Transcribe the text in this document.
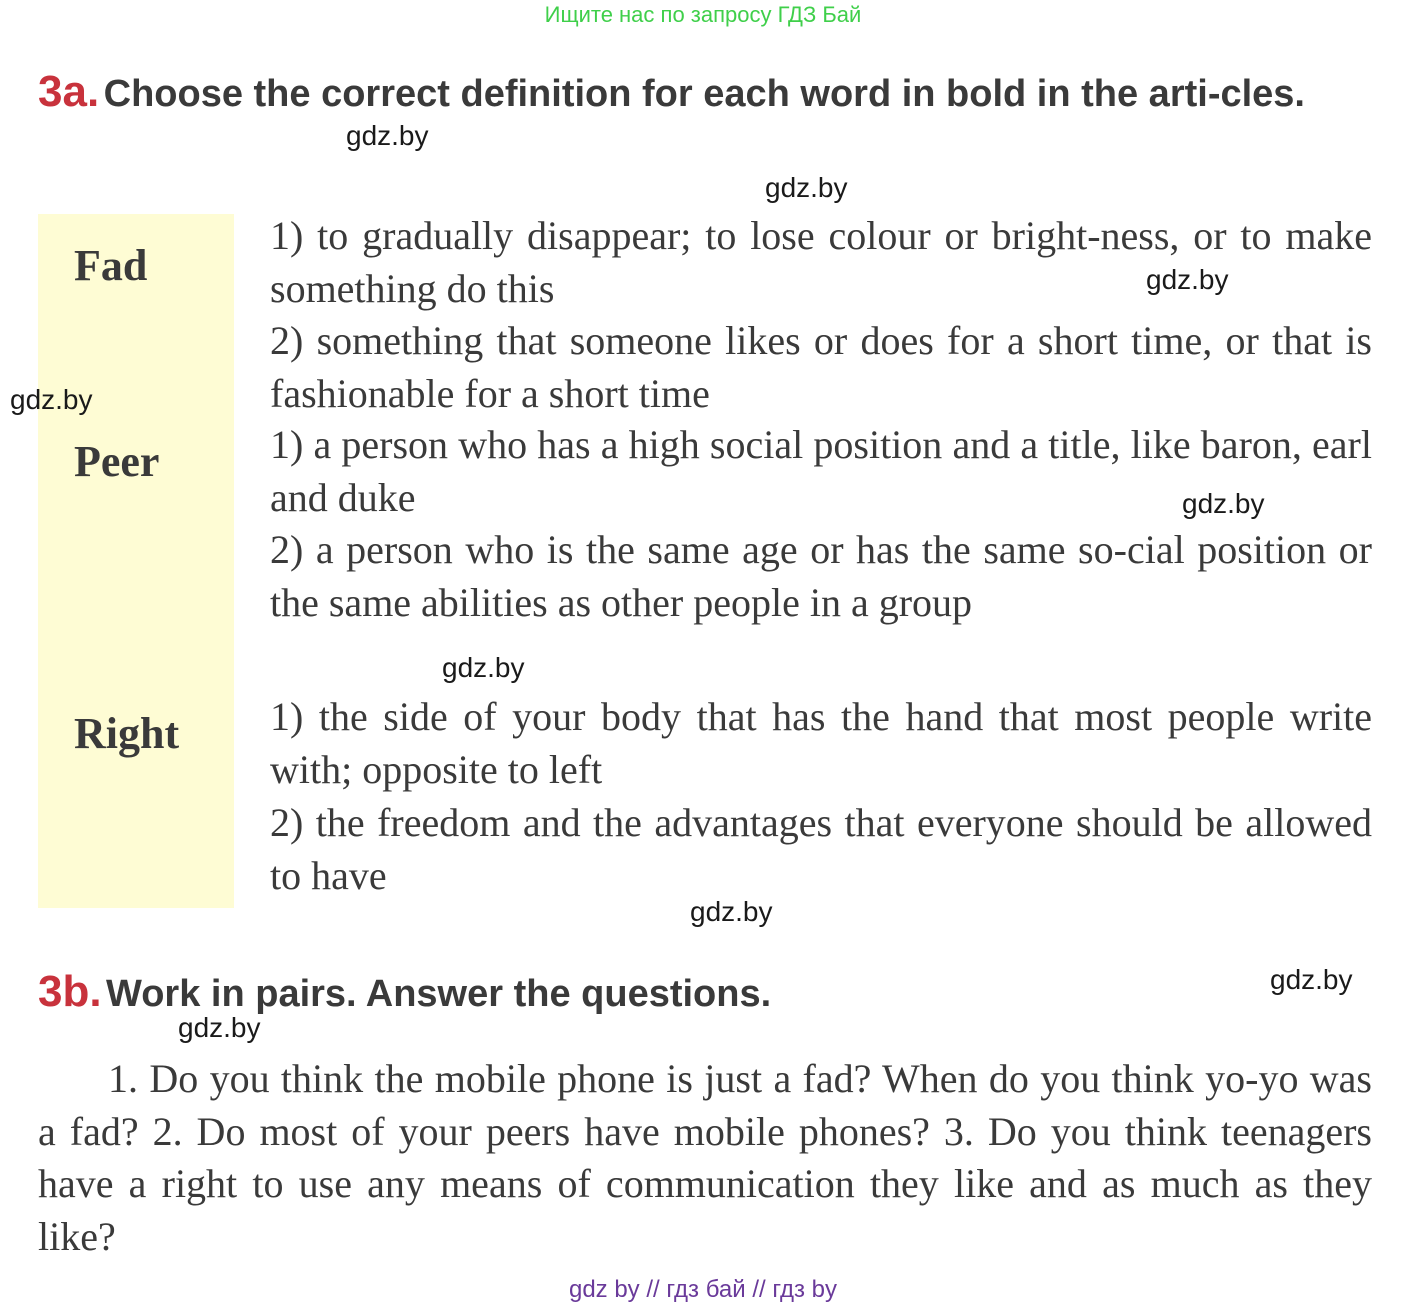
Ищите нас по запросу ГДЗ Бай
3a. Choose the correct definition for each word in bold in the arti-cles.
Fad
Peer
Right
1) to gradually disappear; to lose colour or bright-ness, or to make something do this
2) something that someone likes or does for a short time, or that is fashionable for a short time
1) a person who has a high social position and a title, like baron, earl and duke
2) a person who is the same age or has the same so-cial position or the same abilities as other people in a group
1) the side of your body that has the hand that most people write with; opposite to left
2) the freedom and the advantages that everyone should be allowed to have
3b. Work in pairs. Answer the questions.
1. Do you think the mobile phone is just a fad? When do you think yo-yo was a fad? 2. Do most of your peers have mobile phones? 3. Do you think teenagers have a right to use any means of communication they like and as much as they like?
gdz.by
gdz.by
gdz.by
gdz.by
gdz.by
gdz.by
gdz.by
gdz.by
gdz.by
gdz by // гдз бай // гдз by
